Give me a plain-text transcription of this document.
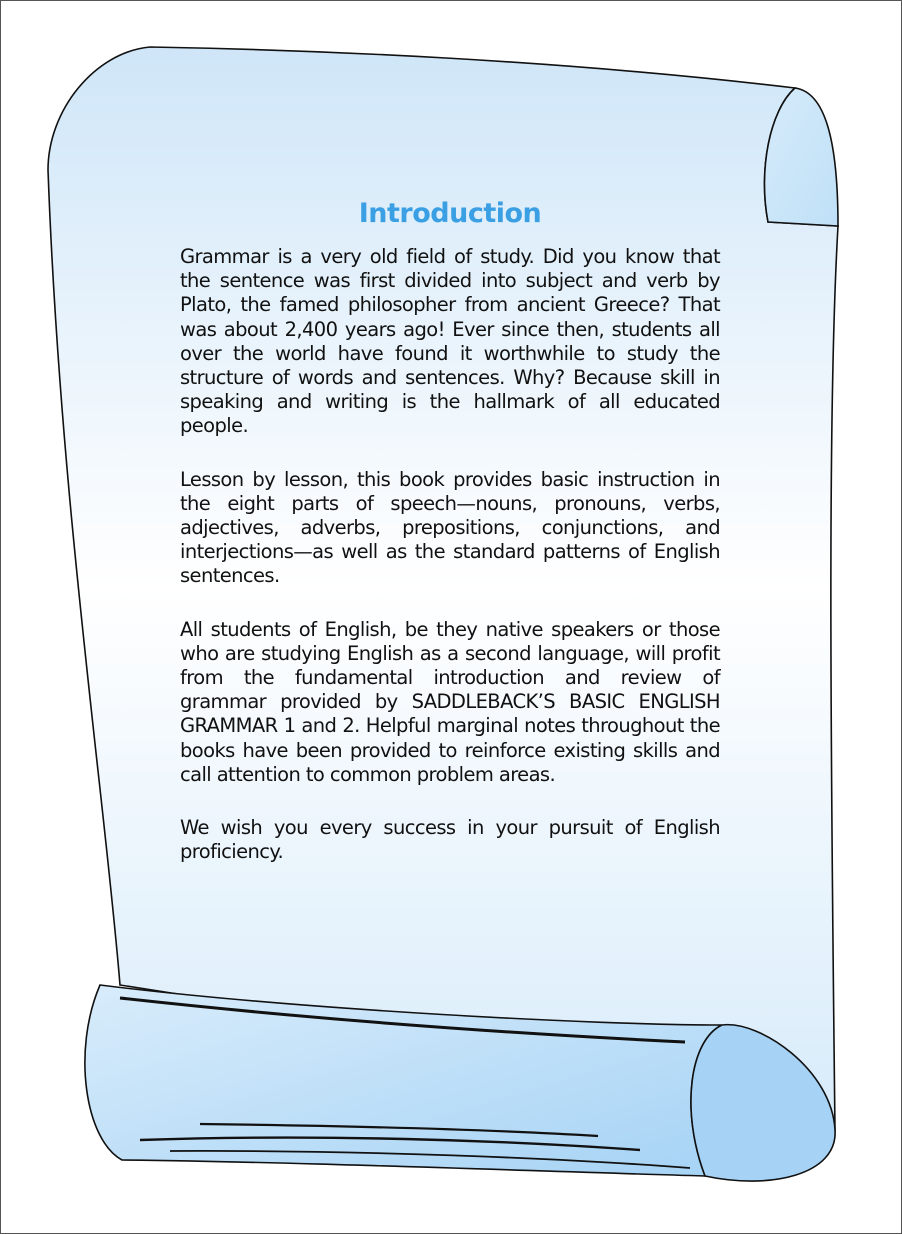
Introduction

Grammar is a very old field of study. Did you know that the sentence was first divided into subject and verb by Plato, the famed philosopher from ancient Greece? That was about 2,400 years ago! Ever since then, students all over the world have found it worthwhile to study the structure of words and sentences. Why? Because skill in speaking and writing is the hallmark of all educated people.

Lesson by lesson, this book provides basic instruction in the eight parts of speech—nouns, pronouns, verbs, adjectives, adverbs, prepositions, conjunctions, and interjections—as well as the standard patterns of English sentences.

All students of English, be they native speakers or those who are studying English as a second language, will profit from the fundamental introduction and review of grammar provided by SADDLEBACK’S BASIC ENGLISH GRAMMAR 1 and 2. Helpful marginal notes throughout the books have been provided to reinforce existing skills and call attention to common problem areas.

We wish you every success in your pursuit of English proficiency.
